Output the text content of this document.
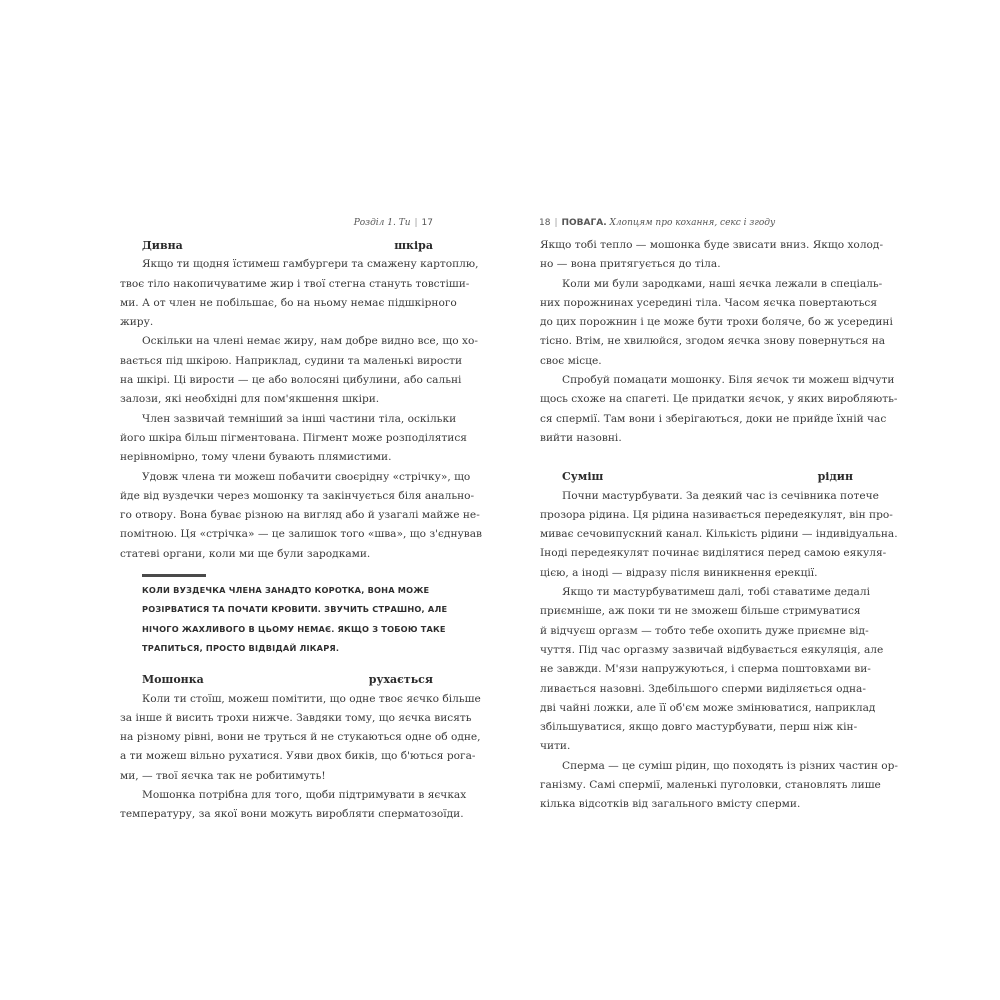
Розділ 1. Ти | 17
Дивна шкіра
Якщо ти щодня їстимеш гамбургери та смажену картоплю,
твоє тіло накопичуватиме жир і твої стегна стануть товстіши-
ми. А от член не побільшає, бо на ньому немає підшкірного
жиру.
Оскільки на члені немає жиру, нам добре видно все, що хо-
вається під шкірою. Наприклад, судини та маленькі вирости
на шкірі. Ці вирости — це або волосяні цибулини, або сальні
залози, які необхідні для пом'якшення шкіри.
Член зазвичай темніший за інші частини тіла, оскільки
його шкіра більш пігментована. Пігмент може розподілятися
нерівномірно, тому члени бувають плямистими.
Удовж члена ти можеш побачити своєрідну «стрічку», що
йде від вуздечки через мошонку та закінчується біля анально-
го отвору. Вона буває різною на вигляд або й узагалі майже не-
помітною. Ця «стрічка» — це залишок того «шва», що з'єднував
статеві органи, коли ми ще були зародками.
КОЛИ ВУЗДЕЧКА ЧЛЕНА ЗАНАДТО КОРОТКА, ВОНА МОЖЕ
РОЗІРВАТИСЯ ТА ПОЧАТИ КРОВИТИ. ЗВУЧИТЬ СТРАШНО, АЛЕ
НІЧОГО ЖАХЛИВОГО В ЦЬОМУ НЕМАЄ. ЯКЩО З ТОБОЮ ТАКЕ
ТРАПИТЬСЯ, ПРОСТО ВІДВІДАЙ ЛІКАРЯ.
Мошонка рухається
Коли ти стоїш, можеш помітити, що одне твоє яєчко більше
за інше й висить трохи нижче. Завдяки тому, що яєчка висять
на різному рівні, вони не труться й не стукаються одне об одне,
а ти можеш вільно рухатися. Уяви двох биків, що б'ються рога-
ми, — твої яєчка так не робитимуть!
Мошонка потрібна для того, щоби підтримувати в яєчках
температуру, за якої вони можуть виробляти сперматозоїди.
18 | ПОВАГА. Хлопцям про кохання, секс і згоду
Якщо тобі тепло — мошонка буде звисати вниз. Якщо холод-
но — вона притягується до тіла.
Коли ми були зародками, наші яєчка лежали в спеціаль-
них порожнинах усередині тіла. Часом яєчка повертаються
до цих порожнин і це може бути трохи боляче, бо ж усередині
тісно. Втім, не хвилюйся, згодом яєчка знову повернуться на
своє місце.
Спробуй помацати мошонку. Біля яєчок ти можеш відчути
щось схоже на спагеті. Це придатки яєчок, у яких виробляють-
ся спермії. Там вони і зберігаються, доки не прийде їхній час
вийти назовні.
Суміш рідин
Почни мастурбувати. За деякий час із сечівника потече
прозора рідина. Ця рідина називається передеякулят, він про-
миває сечовипускний канал. Кількість рідини — індивідуальна.
Іноді передеякулят починає виділятися перед самою еякуля-
цією, а іноді — відразу після виникнення ерекції.
Якщо ти мастурбуватимеш далі, тобі ставатиме дедалі
приємніше, аж поки ти не зможеш більше стримуватися
й відчуєш оргазм — тобто тебе охопить дуже приємне від-
чуття. Під час оргазму зазвичай відбувається еякуляція, але
не завжди. М'язи напружуються, і сперма поштовхами ви-
ливається назовні. Здебільшого сперми виділяється одна-
дві чайні ложки, але її об'єм може змінюватися, наприклад
збільшуватися, якщо довго мастурбувати, перш ніж кін-
чити.
Сперма — це суміш рідин, що походять із різних частин ор-
ганізму. Самі спермії, маленькі пуголовки, становлять лише
кілька відсотків від загального вмісту сперми.
